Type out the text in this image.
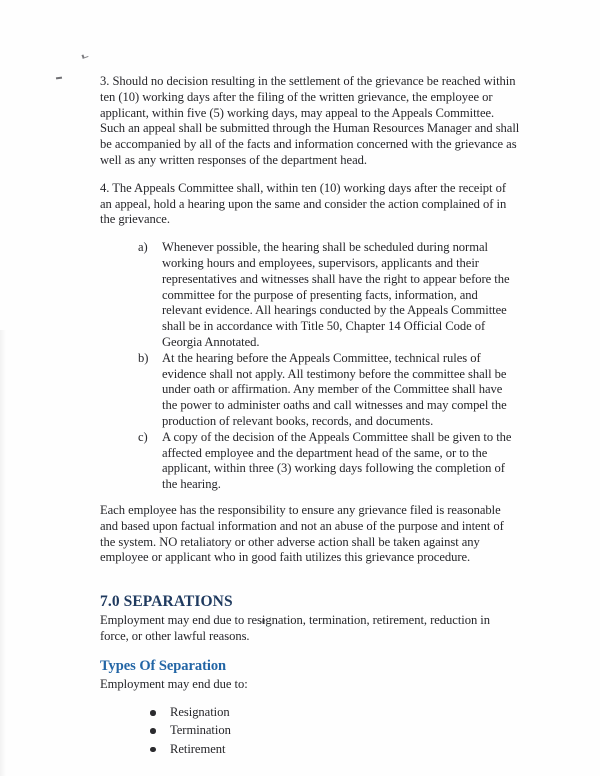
3. Should no decision resulting in the settlement of the grievance be reached within ten (10) working days after the filing of the written grievance, the employee or applicant, within five (5) working days, may appeal to the Appeals Committee. Such an appeal shall be submitted through the Human Resources Manager and shall be accompanied by all of the facts and information concerned with the grievance as well as any written responses of the department head.

4. The Appeals Committee shall, within ten (10) working days after the receipt of an appeal, hold a hearing upon the same and consider the action complained of in the grievance.

a)	Whenever possible, the hearing shall be scheduled during normal working hours and employees, supervisors, applicants and their representatives and witnesses shall have the right to appear before the committee for the purpose of presenting facts, information, and relevant evidence. All hearings conducted by the Appeals Committee shall be in accordance with Title 50, Chapter 14 Official Code of Georgia Annotated.
b)	At the hearing before the Appeals Committee, technical rules of evidence shall not apply. All testimony before the committee shall be under oath or affirmation. Any member of the Committee shall have the power to administer oaths and call witnesses and may compel the production of relevant books, records, and documents.
c)	A copy of the decision of the Appeals Committee shall be given to the affected employee and the department head of the same, or to the applicant, within three (3) working days following the completion of the hearing.

Each employee has the responsibility to ensure any grievance filed is reasonable and based upon factual information and not an abuse of the purpose and intent of the system. NO retaliatory or other adverse action shall be taken against any employee or applicant who in good faith utilizes this grievance procedure.

7.0 SEPARATIONS

Employment may end due to resignation, termination, retirement, reduction in force, or other lawful reasons.

Types Of Separation

Employment may end due to:

Resignation
Termination
Retirement
